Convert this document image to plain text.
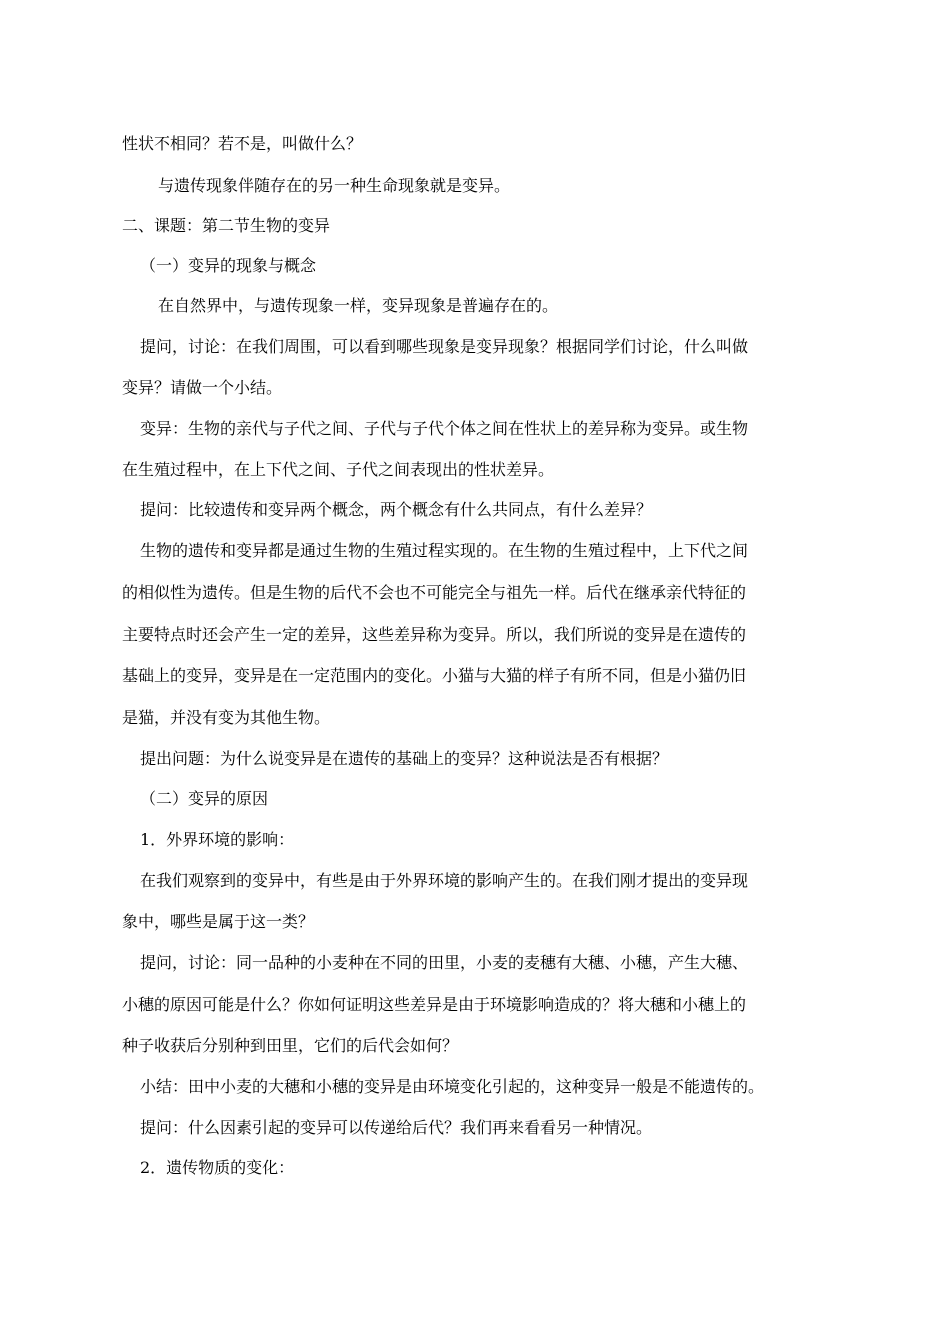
性状不相同？若不是，叫做什么？
与遗传现象伴随存在的另一种生命现象就是变异。
二、课题：第二节生物的变异
（一）变异的现象与概念
在自然界中，与遗传现象一样，变异现象是普遍存在的。
提问，讨论：在我们周围，可以看到哪些现象是变异现象？根据同学们讨论，什么叫做
变异？请做一个小结。
变异：生物的亲代与子代之间、子代与子代个体之间在性状上的差异称为变异。或生物
在生殖过程中，在上下代之间、子代之间表现出的性状差异。
提问：比较遗传和变异两个概念，两个概念有什么共同点，有什么差异？
生物的遗传和变异都是通过生物的生殖过程实现的。在生物的生殖过程中，上下代之间
的相似性为遗传。但是生物的后代不会也不可能完全与祖先一样。后代在继承亲代特征的
主要特点时还会产生一定的差异，这些差异称为变异。所以，我们所说的变异是在遗传的
基础上的变异，变异是在一定范围内的变化。小猫与大猫的样子有所不同，但是小猫仍旧
是猫，并没有变为其他生物。
提出问题：为什么说变异是在遗传的基础上的变异？这种说法是否有根据？
（二）变异的原因
1．外界环境的影响：
在我们观察到的变异中，有些是由于外界环境的影响产生的。在我们刚才提出的变异现
象中，哪些是属于这一类？
提问，讨论：同一品种的小麦种在不同的田里，小麦的麦穗有大穗、小穗，产生大穗、
小穗的原因可能是什么？你如何证明这些差异是由于环境影响造成的？将大穗和小穗上的
种子收获后分别种到田里，它们的后代会如何？
小结：田中小麦的大穗和小穗的变异是由环境变化引起的，这种变异一般是不能遗传的。
提问：什么因素引起的变异可以传递给后代？我们再来看看另一种情况。
2．遗传物质的变化：
